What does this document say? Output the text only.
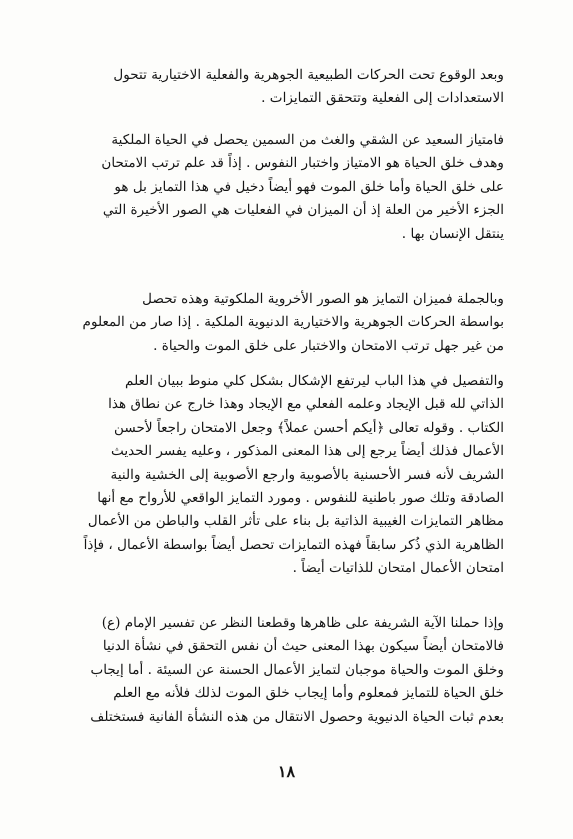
وبعد الوقوع تحت الحركات الطبيعية الجوهرية والفعلية الاختيارية تتحول
الاستعدادات إلى الفعلية وتتحقق التمايزات .
فامتياز السعيد عن الشقي والغث من السمين يحصل في الحياة الملكية
وهدف خلق الحياة هو الامتياز واختبار النفوس . إذاً قد علم ترتب الامتحان
على خلق الحياة وأما خلق الموت فهو أيضاً دخيل في هذا التمايز بل هو
الجزء الأخير من العلة إذ أن الميزان في الفعليات هي الصور الأخيرة التي
ينتقل الإنسان بها .
وبالجملة فميزان التمايز هو الصور الأخروية الملكوتية وهذه تحصل
بواسطة الحركات الجوهرية والاختيارية الدنيوية الملكية . إذا صار من المعلوم
من غير جهل ترتب الامتحان والاختبار على خلق الموت والحياة .
والتفصيل في هذا الباب ليرتفع الإشكال بشكل كلي منوط ببيان العلم
الذاتي لله قبل الإيجاد وعلمه الفعلي مع الإيجاد وهذا خارج عن نطاق هذا
الكتاب . وقوله تعالى ﴿أيكم أحسن عملاً﴾ وجعل الامتحان راجعاً لأحسن
الأعمال فذلك أيضاً يرجع إلى هذا المعنى المذكور ، وعليه يفسر الحديث
الشريف لأنه فسر الأحسنية بالأصوبية وارجع الأصوبية إلى الخشية والنية
الصادقة وتلك صور باطنية للنفوس . ومورد التمايز الواقعي للأرواح مع أنها
مظاهر التمايزات الغيبية الذاتية بل بناء على تأثر القلب والباطن من الأعمال
الظاهرية الذي ذُكر سابقاً فهذه التمايزات تحصل أيضاً بواسطة الأعمال ، فإذاً
امتحان الأعمال امتحان للذاتيات أيضاً .
وإذا حملنا الآية الشريفة على ظاهرها وقطعنا النظر عن تفسير الإمام (ع)
فالامتحان أيضاً سيكون بهذا المعنى حيث أن نفس التحقق في نشأة الدنيا
وخلق الموت والحياة موجبان لتمايز الأعمال الحسنة عن السيئة . أما إيجاب
خلق الحياة للتمايز فمعلوم وأما إيجاب خلق الموت لذلك فلأنه مع العلم
بعدم ثبات الحياة الدنيوية وحصول الانتقال من هذه النشأة الفانية فستختلف
١٨
